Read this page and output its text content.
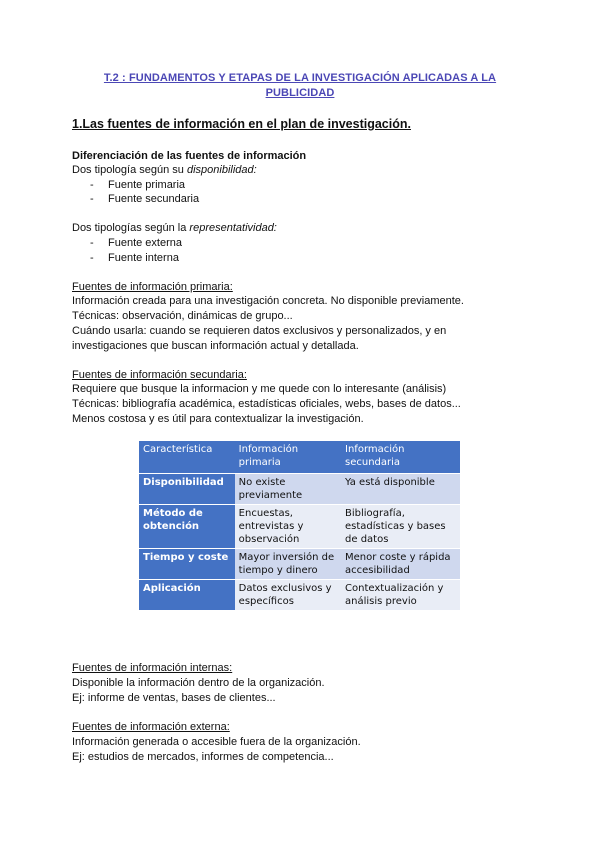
T.2 : FUNDAMENTOS Y ETAPAS DE LA INVESTIGACIÓN APLICADAS A LA PUBLICIDAD
1.Las fuentes de información en el plan de investigación.
Diferenciación de las fuentes de información
Dos tipología según su disponibilidad:
- Fuente primaria
- Fuente secundaria
Dos tipologías según la representatividad:
- Fuente externa
- Fuente interna
Fuentes de información primaria:
Información creada para una investigación concreta. No disponible previamente.
Técnicas: observación, dinámicas de grupo...
Cuándo usarla: cuando se requieren datos exclusivos y personalizados, y en
investigaciones que buscan información actual y detallada.
Fuentes de información secundaria:
Requiere que busque la informacion y me quede con lo interesante (análisis)
Técnicas: bibliografía académica, estadísticas oficiales, webs, bases de datos...
Menos costosa y es útil para contextualizar la investigación.
Característica	Información primaria	Información secundaria
Disponibilidad	No existe previamente	Ya está disponible
Método de obtención	Encuestas, entrevistas y observación	Bibliografía, estadísticas y bases de datos
Tiempo y coste	Mayor inversión de tiempo y dinero	Menor coste y rápida accesibilidad
Aplicación	Datos exclusivos y específicos	Contextualización y análisis previo
Fuentes de información internas:
Disponible la información dentro de la organización.
Ej: informe de ventas, bases de clientes...
Fuentes de información externa:
Información generada o accesible fuera de la organización.
Ej: estudios de mercados, informes de competencia...
